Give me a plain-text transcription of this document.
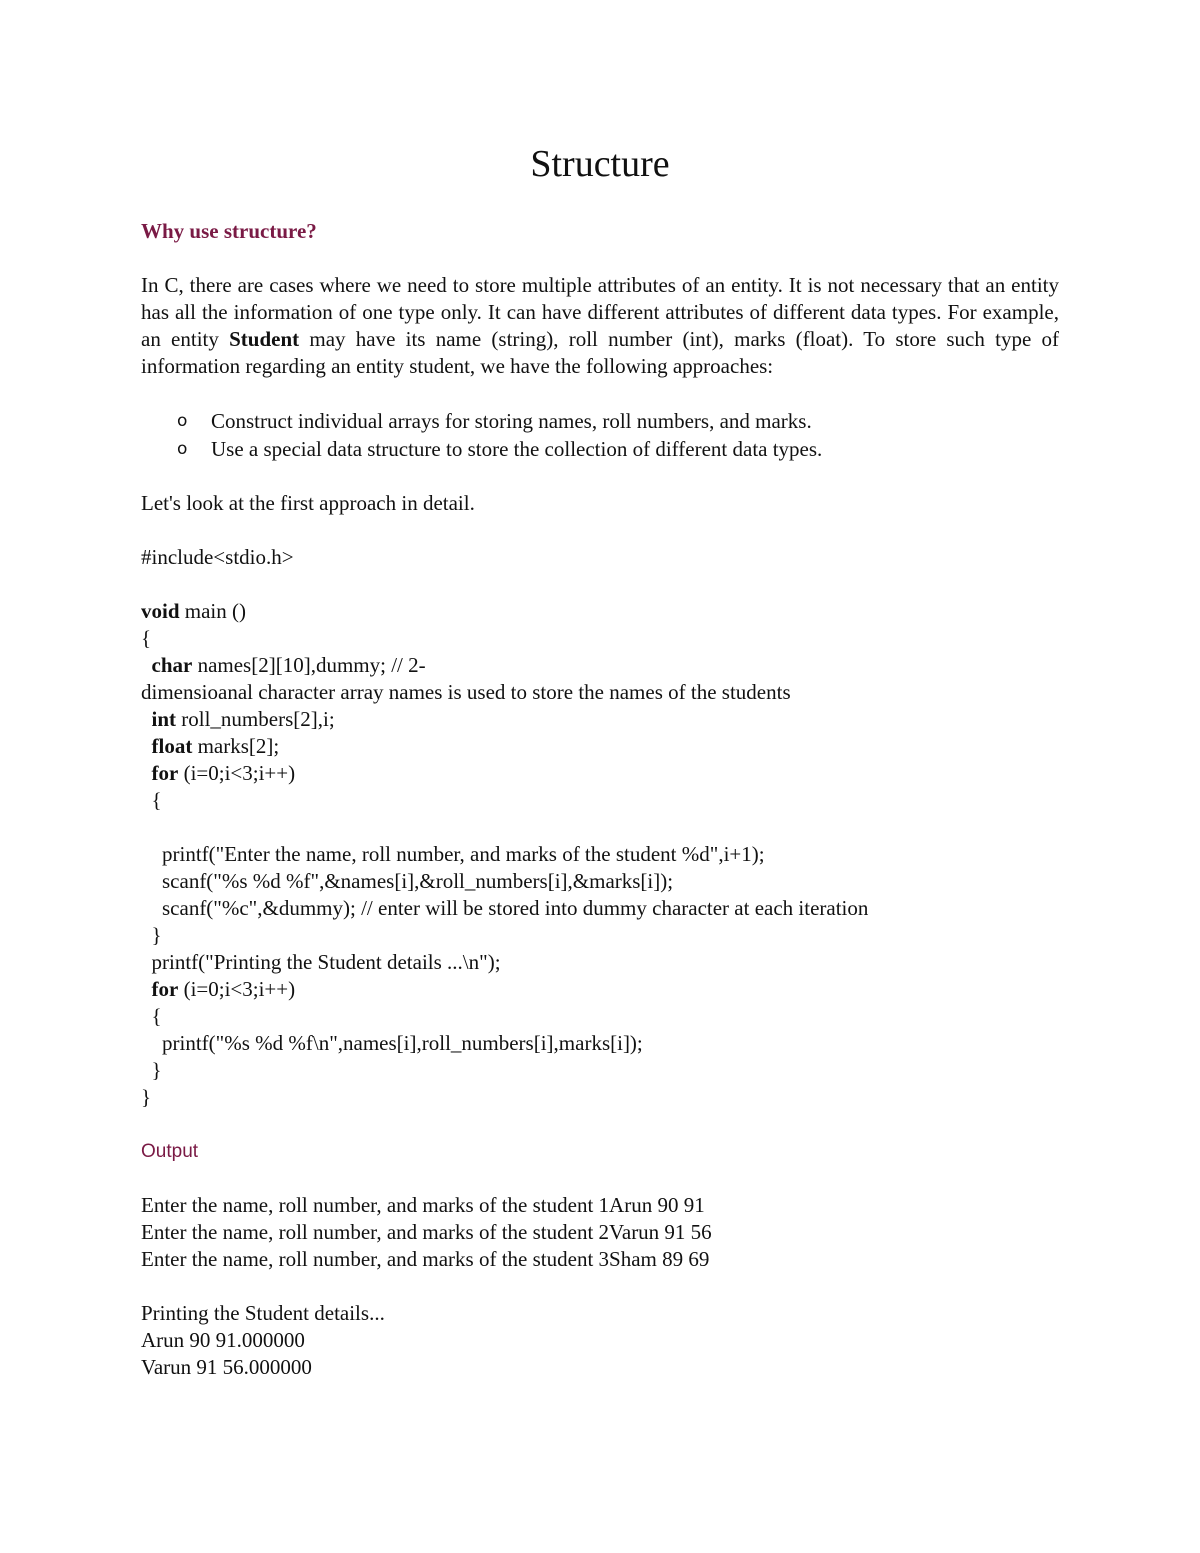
Structure

Why use structure?

In C, there are cases where we need to store multiple attributes of an entity. It is not necessary that an entity has all the information of one type only. It can have different attributes of different data types. For example, an entity Student may have its name (string), roll number (int), marks (float). To store such type of information regarding an entity student, we have the following approaches:

o Construct individual arrays for storing names, roll numbers, and marks.
o Use a special data structure to store the collection of different data types.

Let's look at the first approach in detail.

#include<stdio.h>

void main ()

{

char names[2][10],dummy; // 2-

dimensioanal character array names is used to store the names of the students

int roll_numbers[2],i;

float marks[2];

for (i=0;i<3;i++)

{

printf("Enter the name, roll number, and marks of the student %d",i+1);

scanf("%s %d %f",&names[i],&roll_numbers[i],&marks[i]);

scanf("%c",&dummy); // enter will be stored into dummy character at each iteration

}

printf("Printing the Student details ...\n");

for (i=0;i<3;i++)

{

printf("%s %d %f\n",names[i],roll_numbers[i],marks[i]);

}

}

Output

Enter the name, roll number, and marks of the student 1Arun 90 91

Enter the name, roll number, and marks of the student 2Varun 91 56

Enter the name, roll number, and marks of the student 3Sham 89 69

Printing the Student details...

Arun 90 91.000000

Varun 91 56.000000
